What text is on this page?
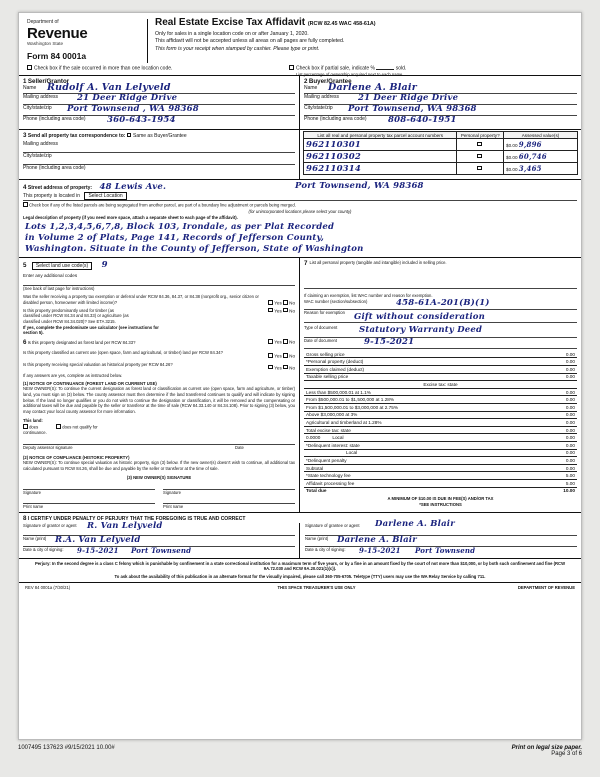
Department of
Revenue
Washington State
Form 84 0001a
Real Estate Excise Tax Affidavit (RCW 82.45 WAC 458-61A)
Only for sales in a single location code on or after January 1, 2020.
This affidavit will not be accepted unless all areas on all pages are fully completed.
This form is your receipt when stamped by cashier. Please type or print.
Check box if the sale occurred in more than one location code.	Check box if partial sale, indicate %	sold.
List percentage of ownership acquired next to each name.
1 Seller/Grantor
Name Rudolf A. Van Lelyveld
Mailing address 21 Deer Ridge Drive
City/state/zip Port Townsend , WA 98368
Phone (including area code)	360-643-1954
2 Buyer/Grantee
Name Darlene A. Blair
Mailing address 21 Deer Ridge Drive
City/state/zip Port Townsend, WA 98368
Phone (including area code)	808-640-1951
3 Send all property tax correspondence to: Same as Buyer/Grantee
Mailing address
City/state/zip
Phone (including area code)
List all real and personal property tax parcel account numbers	Personal property?	Assessed value(s)
962110301		$0.00 9,896
962110302		$0.00 60,746
962110314		$0.00 3,465
4 Street address of property: 48 Lewis Ave.	Port Townsend, WA 98368
This property is located in Select Location
Check box if any of the listed parcels are being segregated from another parcel, are part of a boundary line adjustment or parcels being merged.
(for unincorporated locations please select your county)
Legal description of property (if you need more space, attach a separate sheet to each page of the affidavit).
Lots 1,2,3,4,5,6,7,8, Block 103, Irondale, as per Plat Recorded
in Volume 2 of Plats, Page 141, Records of Jefferson County,
Washington. Situate in the County of Jefferson, State of Washington
5 Select land use code(s) 9
Enter any additional codes
(See back of last page for instructions)
Was the seller receiving a property tax exemption or deferral under RCW 84.36, 84.37, or 84.38 (nonprofit org., senior citizen or disabled person, homeowner with limited income)?	Yes No
Is this property predominantly used for timber (as
classified under RCW 84.34 and 84.33) or agriculture (as
classified under RCW 84.34.020)? See ETA 3215.
If yes, complete the predominate use calculator (see instructions for
section 5).
Yes No
6 Is this property designated as forest land per RCW 84.33?	Yes No
Is this property classified as current use (open space, farm and agricultural, or timber) land per RCW 84.34?
Yes No
Is this property receiving special valuation as historical property per RCW 84.26?
Yes No
If any answers are yes, complete as instructed below.
(1) NOTICE OF CONTINUANCE (FOREST LAND OR CURRENT USE)
NEW OWNER(S): To continue the current designation as forest land or classification as current use (open space, farm and agriculture, or timber) land, you must sign on (3) below. The county assessor must then determine if the land transferred continues to qualify and will indicate by signing below. If the land no longer qualifies or you do not wish to continue the designation or classification, it will be removed and the compensating or additional taxes will be due and payable by the seller or transferor at the time of sale (RCW 84.33.140 or 84.34.108). Prior to signing (3) below, you may contact your local county assessor for more information.
This land:
does	does not qualify for
continuance.
Deputy assessor signature	Date
(2) NOTICE OF COMPLIANCE (HISTORIC PROPERTY)
NEW OWNER(S): To continue special valuation as historic property, sign (3) below. If the new owner(s) doesn't wish to continue, all additional tax calculated pursuant to RCW 84.26, shall be due and payable by the seller or transferor at the time of sale.
(3) NEW OWNER(S) SIGNATURE
Signature	Signature
Print name	Print name
7 List all personal property (tangible and intangible) included in selling price.
If claiming an exemption, list WAC number and reason for exemption.
WAC number (section/subsection)	458-61A-201(B)(1)
Reason for exemption Gift without consideration
Type of document	Statutory Warranty Deed
Date of document	9-15-2021
Gross selling price	0.00
*Personal property (deduct)	0.00
Exemption claimed (deduct)	0.00
Taxable selling price	0.00
Excise tax: state
Less than $500,000.01 at 1.1%	0.00
From $500,000.01 to $1,500,000 at 1.28%	0.00
From $1,500,000.01 to $3,000,000 at 2.75%	0.00
Above $3,000,000 at 3%	0.00
Agricultural and timberland at 1.28%	0.00
Total excise tax: state	0.00
0.0000	Local	0.00
*Delinquent interest: state	0.00
Local	0.00
*Delinquent penalty	0.00
Subtotal	0.00
*State technology fee	5.00
Affidavit processing fee	5.00
Total due	10.00
A MINIMUM OF $10.00 IS DUE IN FEE(S) AND/OR TAX
*SEE INSTRUCTIONS
8 I CERTIFY UNDER PENALTY OF PERJURY THAT THE FOREGOING IS TRUE AND CORRECT
Signature of grantor or agent R. Van Lelyveld
Name (print) R.A. Van Lelyveld
Date & city of signing: 9-15-2021 Port Townsend
Signature of grantee or agent Darlene A. Blair
Name (print) Darlene A. Blair
Date & city of signing: 9-15-2021 Port Townsend
Perjury: In the second degree is a class C felony which is punishable by confinement in a state correctional institution for a maximum term of five years, or by a fine in an amount fixed by the court of not more than $10,000, or by both such confinement and fine (RCW 9A.72.030 and RCW 9A.20.021(1)(c)).
To ask about the availability of this publication in an alternate format for the visually impaired, please call 360-705-6705. Teletype (TTY) users may use the WA Relay Service by calling 711.
REV 84 0001a (7/30/21)	THIS SPACE TREASURER'S USE ONLY	DEPARTMENT OF REVENUE
1007495 137623 #9/15/2021 10.00#	Print on legal size paper.
Page 3 of 6
